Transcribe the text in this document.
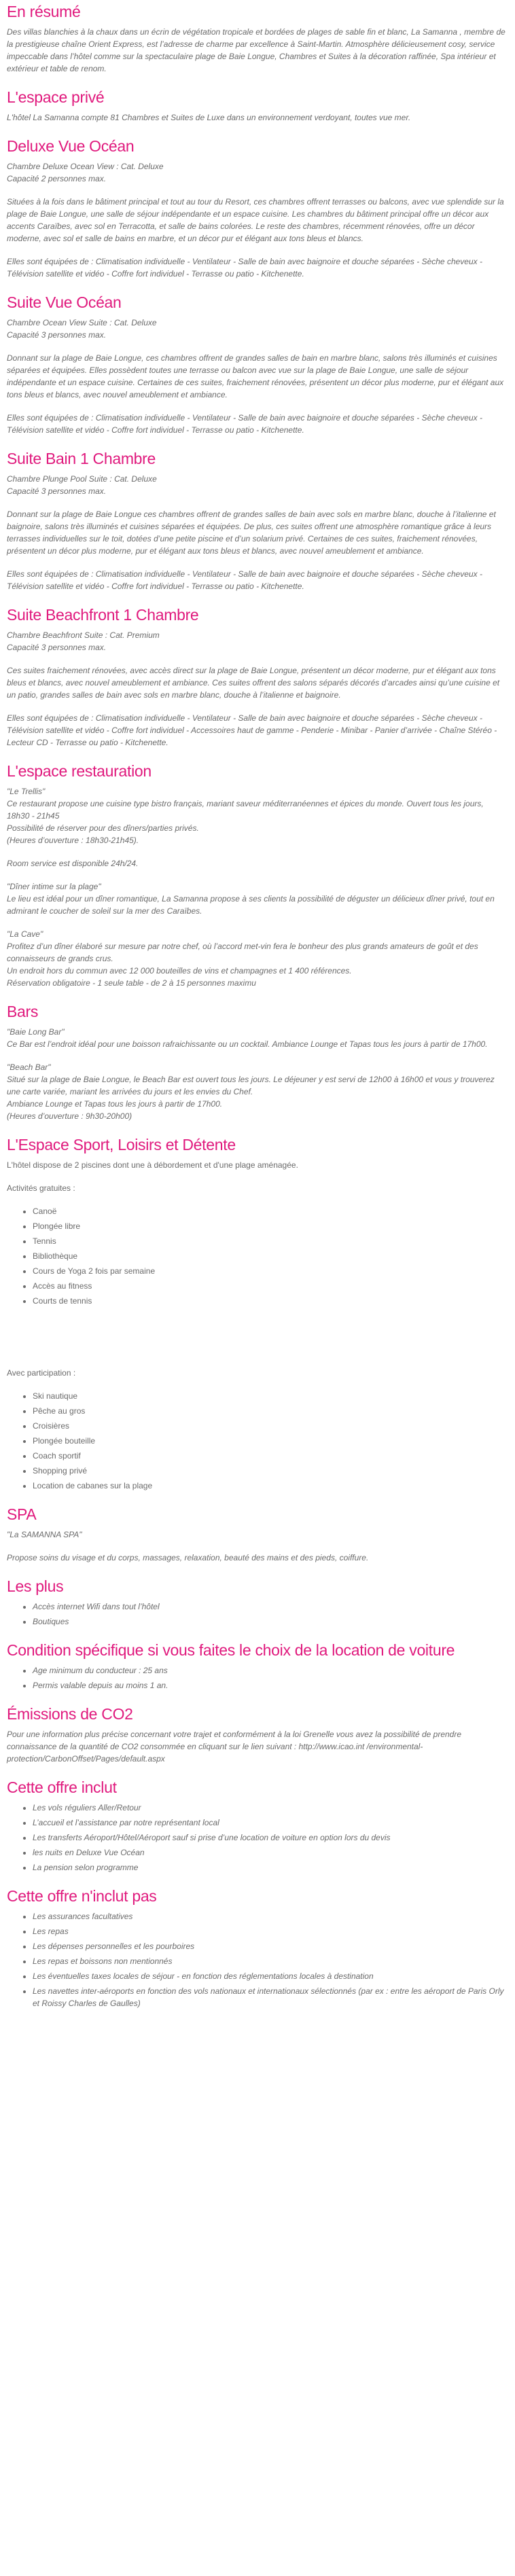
En résumé

Des villas blanchies à la chaux dans un écrin de végétation tropicale et bordées de plages de sable fin et blanc, La Samanna , membre de la prestigieuse chaîne Orient Express, est l’adresse de charme par excellence à Saint-Martin. Atmosphère délicieusement cosy, service impeccable dans l’hôtel comme sur la spectaculaire plage de Baie Longue, Chambres et Suites à la décoration raffinée, Spa intérieur et extérieur et table de renom.

L'espace privé

L'hôtel La Samanna compte 81 Chambres et Suites de Luxe dans un environnement verdoyant, toutes vue mer.

Deluxe Vue Océan
Chambre Deluxe Ocean View : Cat. Deluxe
Capacité 2 personnes max.

Situées à la fois dans le bâtiment principal et tout au tour du Resort, ces chambres offrent terrasses ou balcons, avec vue splendide sur la plage de Baie Longue, une salle de séjour indépendante et un espace cuisine. Les chambres du bâtiment principal offre un décor aux accents Caraïbes, avec sol en Terracotta, et salle de bains colorées. Le reste des chambres, récemment rénovées, offre un décor moderne, avec sol et salle de bains en marbre, et un décor pur et élégant aux tons bleus et blancs.

Elles sont équipées de : Climatisation individuelle - Ventilateur - Salle de bain avec baignoire et douche séparées - Sèche cheveux - Télévision satellite et vidéo - Coffre fort individuel - Terrasse ou patio - Kitchenette.

Suite Vue Océan
Chambre Ocean View Suite : Cat. Deluxe
Capacité 3 personnes max.

Donnant sur la plage de Baie Longue, ces chambres offrent de grandes salles de bain en marbre blanc, salons très illuminés et cuisines séparées et équipées. Elles possèdent toutes une terrasse ou balcon avec vue sur la plage de Baie Longue, une salle de séjour indépendante et un espace cuisine. Certaines de ces suites, fraichement rénovées, présentent un décor plus moderne, pur et élégant aux tons bleus et blancs, avec nouvel ameublement et ambiance.

Elles sont équipées de : Climatisation individuelle - Ventilateur - Salle de bain avec baignoire et douche séparées - Sèche cheveux - Télévision satellite et vidéo - Coffre fort individuel - Terrasse ou patio - Kitchenette.

Suite Bain 1 Chambre
Chambre Plunge Pool Suite : Cat. Deluxe
Capacité 3 personnes max.

Donnant sur la plage de Baie Longue ces chambres offrent de grandes salles de bain avec sols en marbre blanc, douche à l’italienne et baignoire, salons très illuminés et cuisines séparées et équipées. De plus, ces suites offrent une atmosphère romantique grâce à leurs terrasses individuelles sur le toit, dotées d’une petite piscine et d’un solarium privé. Certaines de ces suites, fraichement rénovées, présentent un décor plus moderne, pur et élégant aux tons bleus et blancs, avec nouvel ameublement et ambiance.

Elles sont équipées de : Climatisation individuelle - Ventilateur - Salle de bain avec baignoire et douche séparées - Sèche cheveux - Télévision satellite et vidéo - Coffre fort individuel - Terrasse ou patio - Kitchenette.

Suite Beachfront 1 Chambre
Chambre Beachfront Suite : Cat. Premium
Capacité 3 personnes max.

Ces suites fraichement rénovées, avec accès direct sur la plage de Baie Longue, présentent un décor moderne, pur et élégant aux tons bleus et blancs, avec nouvel ameublement et ambiance. Ces suites offrent des salons séparés décorés d’arcades ainsi qu’une cuisine et un patio, grandes salles de bain avec sols en marbre blanc, douche à l’italienne et baignoire.

Elles sont équipées de : Climatisation individuelle - Ventilateur - Salle de bain avec baignoire et douche séparées - Sèche cheveux - Télévision satellite et vidéo - Coffre fort individuel - Accessoires haut de gamme - Penderie - Minibar - Panier d’arrivée - Chaîne Stéréo - Lecteur CD - Terrasse ou patio - Kitchenette.

L'espace restauration
"Le Trellis"
Ce restaurant propose une cuisine type bistro français, mariant saveur méditerranéennes et épices du monde. Ouvert tous les jours, 18h30 - 21h45
Possibilité de réserver pour des dîners/parties privés.
(Heures d’ouverture : 18h30-21h45).
Room service est disponible 24h/24.
"Dîner intime sur la plage"
Le lieu est idéal pour un dîner romantique, La Samanna propose à ses clients la possibilité de déguster un délicieux dîner privé, tout en admirant le coucher de soleil sur la mer des Caraïbes.
"La Cave"
Profitez d’un dîner élaboré sur mesure par notre chef, où l’accord met-vin fera le bonheur des plus grands amateurs de goût et des connaisseurs de grands crus.
Un endroit hors du commun avec 12 000 bouteilles de vins et champagnes et 1 400 références.
Réservation obligatoire - 1 seule table - de 2 à 15 personnes maximu
Bars
"Baie Long Bar"
Ce Bar est l’endroit idéal pour une boisson rafraichissante ou un cocktail. Ambiance Lounge et Tapas tous les jours à partir de 17h00.
"Beach Bar"
Situé sur la plage de Baie Longue, le Beach Bar est ouvert tous les jours. Le déjeuner y est servi de 12h00 à 16h00 et vous y trouverez une carte variée, mariant les arrivées du jours et les envies du Chef.
Ambiance Lounge et Tapas tous les jours à partir de 17h00.
(Heures d’ouverture : 9h30-20h00)
L'Espace Sport, Loisirs et Détente

L'hôtel dispose de 2 piscines dont une à débordement et d'une plage aménagée.

Activités gratuites :

• Canoë
• Plongée libre
• Tennis
• Bibliothèque
• Cours de Yoga 2 fois par semaine
• Accès au fitness
• Courts de tennis

Avec participation :

• Ski nautique
• Pêche au gros
• Croisières
• Plongée bouteille
• Coach sportif
• Shopping privé
• Location de cabanes sur la plage
SPA

"La SAMANNA SPA"

Propose soins du visage et du corps, massages, relaxation, beauté des mains et des pieds, coiffure.

Les plus
• Accès internet Wifi dans tout l’hôtel
• Boutiques
Condition spécifique si vous faites le choix de la location de voiture
• Age minimum du conducteur : 25 ans
• Permis valable depuis au moins 1 an.
Émissions de CO2

Pour une information plus précise concernant votre trajet et conformément à la loi Grenelle vous avez la possibilité de prendre connaissance de la quantité de CO2 consommée en cliquant sur le lien suivant : http://www.icao.int /environmental-protection/CarbonOffset/Pages/default.aspx

Cette offre inclut
• Les vols réguliers Aller/Retour
• L’accueil et l’assistance par notre représentant local
• Les transferts Aéroport/Hôtel/Aéroport sauf si prise d’une location de voiture en option lors du devis
• les nuits en Deluxe Vue Océan
• La pension selon programme
Cette offre n'inclut pas
• Les assurances facultatives
• Les repas
• Les dépenses personnelles et les pourboires
• Les repas et boissons non mentionnés
• Les éventuelles taxes locales de séjour - en fonction des réglementations locales à destination
• Les navettes inter-aéroports en fonction des vols nationaux et internationaux sélectionnés (par ex : entre les aéroport de Paris Orly et Roissy Charles de Gaulles)
